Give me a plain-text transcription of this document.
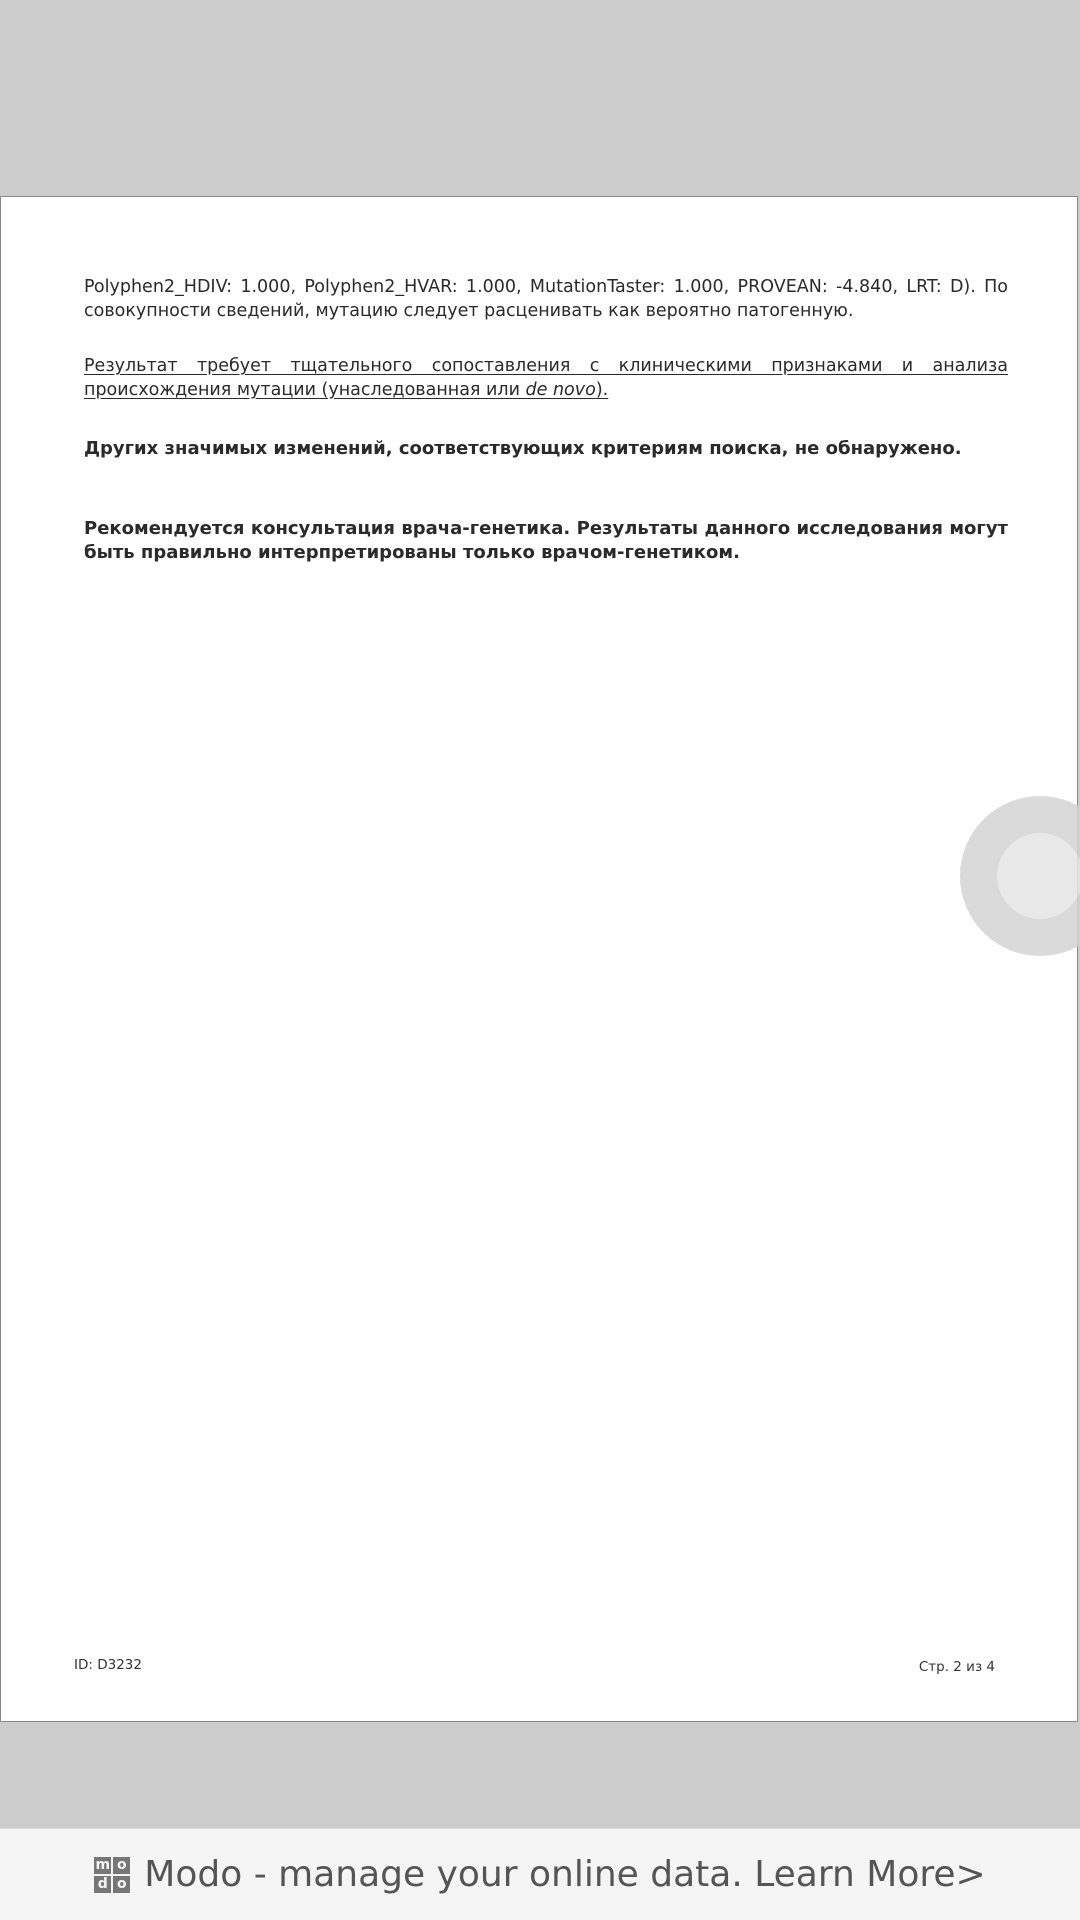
Polyphen2_HDIV: 1.000, Polyphen2_HVAR: 1.000, MutationTaster: 1.000, PROVEAN: -4.840, LRT: D). По совокупности сведений, мутацию следует расценивать как вероятно патогенную.
Результат требует тщательного сопоставления с клиническими признаками и анализа происхождения мутации (унаследованная или de novo).
Других значимых изменений, соответствующих критериям поиска, не обнаружено.
Рекомендуется консультация врача-генетика. Результаты данного исследования могут быть правильно интерпретированы только врачом-генетиком.
ID: D3232	Стр. 2 из 4
m o
d o Modo - manage your online data. Learn More>
